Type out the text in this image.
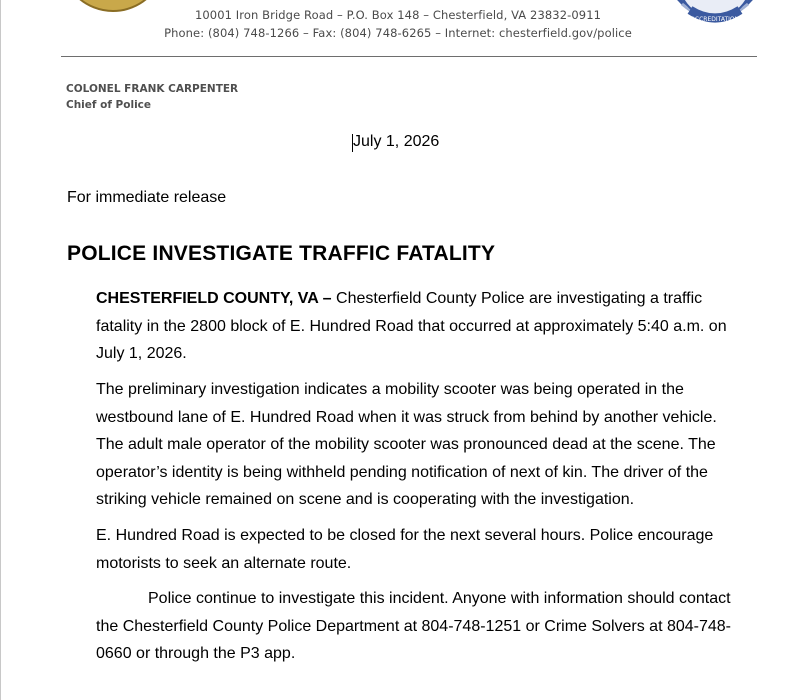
ACCREDITATION
10001 Iron Bridge Road – P.O. Box 148 – Chesterfield, VA 23832-0911
Phone: (804) 748-1266 – Fax: (804) 748-6265 – Internet: chesterfield.gov/police
COLONEL FRANK CARPENTER
Chief of Police
July 1, 2026
For immediate release
POLICE INVESTIGATE TRAFFIC FATALITY
CHESTERFIELD COUNTY, VA – Chesterfield County Police are investigating a traffic fatality in the 2800 block of E. Hundred Road that occurred at approximately 5:40 a.m. on July 1, 2026.
The preliminary investigation indicates a mobility scooter was being operated in the westbound lane of E. Hundred Road when it was struck from behind by another vehicle. The adult male operator of the mobility scooter was pronounced dead at the scene. The operator’s identity is being withheld pending notification of next of kin. The driver of the striking vehicle remained on scene and is cooperating with the investigation.
E. Hundred Road is expected to be closed for the next several hours. Police encourage motorists to seek an alternate route.
Police continue to investigate this incident. Anyone with information should contact the Chesterfield County Police Department at 804-748-1251 or Crime Solvers at 804-748-0660 or through the P3 app.
